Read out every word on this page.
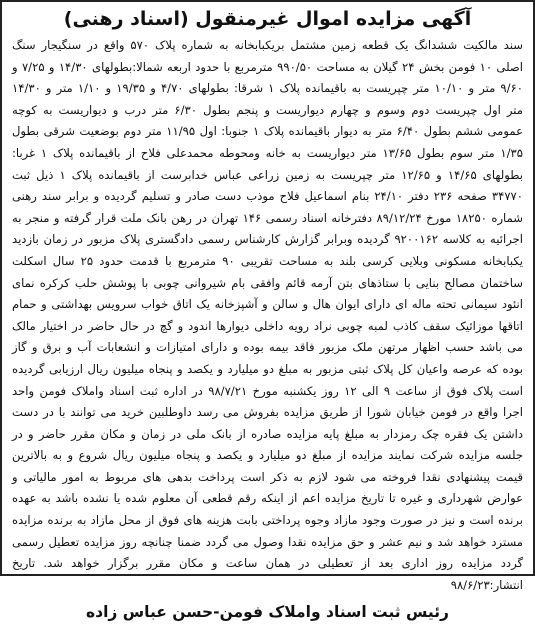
آگهی مزایده اموال غیرمنقول (اسناد رهنی)

سند مالکیت ششدانگ یک قطعه زمین مشتمل بریکبابخانه به شماره پلاک ۵۷۰ واقع در سنگیجار سنگ اصلی ۱۰ فومن بخش ۲۴ گیلان به مساحت ۹۹۰/۵۰ مترمربع با حدود اربعه شمالا:بطولهای ۱۴/۳۰ و ۷/۲۵ و ۹/۶۰ متر و ۱۰/۱۰ متر چپریست به باقیمانده پلاک ۱ شرقا: بطولهای ۴/۷۰ و ۱۹/۳۵ و ۱/۱۰ متر و ۱۴/۳۰ متر اول چپریست دوم وسوم و چهارم دیواریست و پنجم بطول ۶/۳۰ متر درب و دیواریست به کوچه عمومی ششم بطول ۶/۴۰ متر به دیوار باقیمانده پلاک ۱ جنوبا: اول ۱۱/۹۵ متر دوم بوضعیت شرقی بطول ۱/۳۵ متر سوم بطول ۱۳/۶۵ متر دیواریست به خانه ومحوطه محمدعلی فلاح از باقیمانده پلاک ۱ غربا: بطولهای ۱۴/۶۵ و ۱۲/۶۵ متر چپریست به زمین زراعی عباس خدابرست از باقیمانده پلاک ۱ ذیل ثبت ۳۴۷۷۰ صفحه ۲۳۶ دفتر ۲۴/۱۰ بنام اسماعیل فلاح موذب دست صادر و تسلیم گردیده و برابر سند رهنی شماره ۱۸۲۵۰ مورخ ۸۹/۱۲/۲۴ دفترخانه اسناد رسمی ۱۴۶ تهران در رهن بانک ملت قرار گرفته و منجر به اجرائیه به کلاسه ۹۲۰۰۱۶۲ گردیده وبرابر گزارش کارشناس رسمی دادگستری پلاک مزبور در زمان بازدید یکبابخانه مسکونی وبلایی کرسی بلند به مساحت تقریبی ۹۰ مترمربع با قدمت حدود ۲۵ سال اسکلت ساختمان مصالح بنایی با ستاذهای بتن آرمه قائم وافقی بام شیروانی چوبی با پوشش حلب کرکره نمای انئود سیمانی تحته ماله ای دارای ایوان هال و سالن و آشپزخانه یک اتاق خواب سرویس بهداشتی و حمام اتاقها موزائیک سقف کاذب لمبه چوبی نراد رویه داخلی دیوارها اندود و گچ در حال حاضر در اختیار مالک می باشد حسب اظهار مرتهن ملک مزبور فاقد بیمه بوده و دارای امتیازات و انشعابات آب و برق و گاز بوده که عرصه واعیان کل پلاک ثبتی مزبور به مبلغ دو میلیارد و یکصد و پنجاه میلیون ریال ارزیابی گردیده است پلاک فوق از ساعت ۹ الی ۱۲ روز یکشنبه مورخ ۹۸/۷/۲۱ در اداره ثبت اسناد واملاک فومن واحد اجرا واقع در فومن خیابان شورا از طریق مزایده بفروش می رسد داوطلبین خرید می توانند با در دست داشتن یک فقره چک رمزدار به مبلغ پایه مزایده صادره از بانک ملی در زمان و مکان مقرر حاضر و در جلسه مزایده شرکت نمایند مزایده از مبلغ دو میلیارد و یکصد و پنجاه میلیون ریال شروع و به بالاترین قیمت پیشنهادی نقدا فروخته می شود لازم به ذکر است پرداخت بدهی های مربوط به امور مالیاتی و عوارض شهرداری و غیره تا تاریخ مزایده اعم از اینکه رقم قطعی آن معلوم شده یا نشده باشد به عهده برنده است و نیز در صورت وجود مازاد وجوه پرداختی بابت هزینه های فوق از محل مازاد به برنده مزایده مسترد خواهد شد و نیم عشر و حق مزایده نقدا وصول می گردد ضمنا چنانچه روز مزایده تعطیل رسمی گردد مزایده روز اداری بعد از تعطیلی در همان ساعت و مکان مقرر برگزار خواهد شد. تاریخ انتشار:۹۸/۶/۲۳

رئیس ثبت اسناد واملاک فومن-حسن عباس زاده
